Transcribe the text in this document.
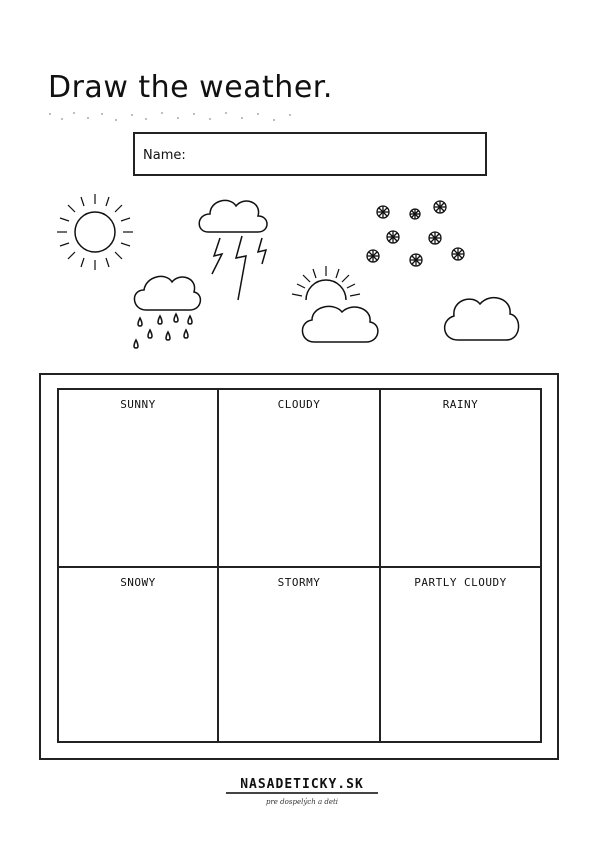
Draw the weather.
Name:
SUNNY	CLOUDY	RAINY
SNOWY	STORMY	PARTLY CLOUDY
NASADETICKY.SK
pre dospelých a deti
